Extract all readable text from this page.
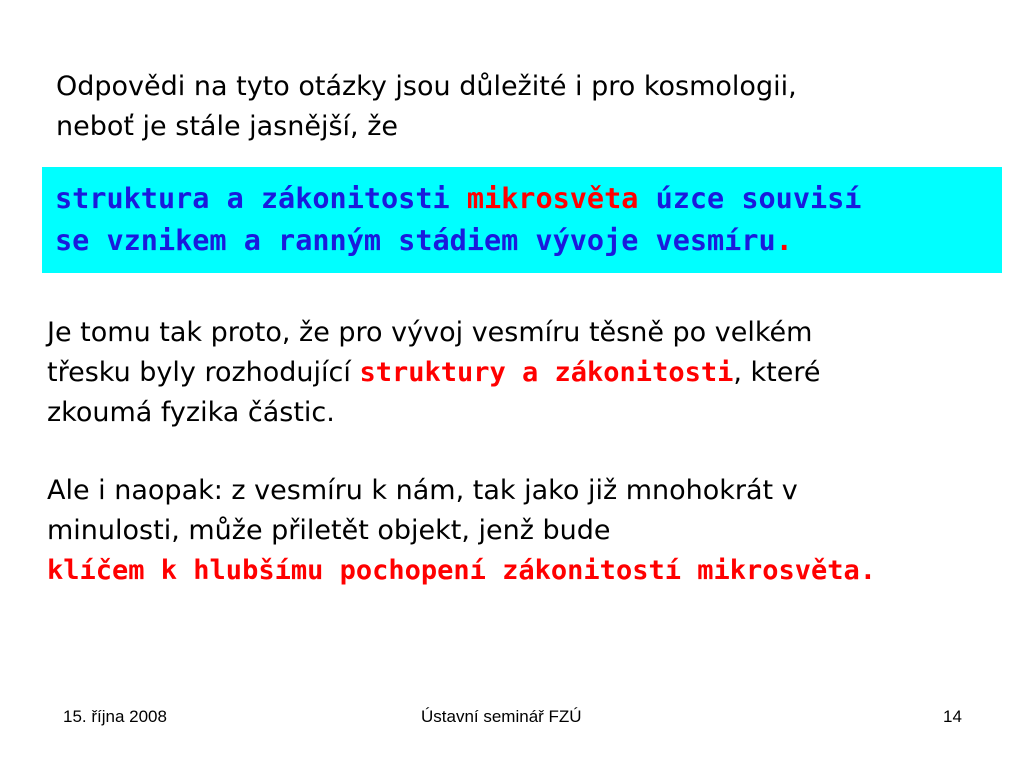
Odpovědi na tyto otázky jsou důležité i pro kosmologii,
neboť je stále jasnější, že
struktura a zákonitosti mikrosvěta úzce souvisí
se vznikem a ranným stádiem vývoje vesmíru.
Je tomu tak proto, že pro vývoj vesmíru těsně po velkém
třesku byly rozhodující struktury a zákonitosti, které
zkoumá fyzika částic.
Ale i naopak: z vesmíru k nám, tak jako již mnohokrát v
minulosti, může přiletět objekt, jenž bude
klíčem k hlubšímu pochopení zákonitostí mikrosvěta.
15. října 2008	Ústavní seminář FZÚ	14
